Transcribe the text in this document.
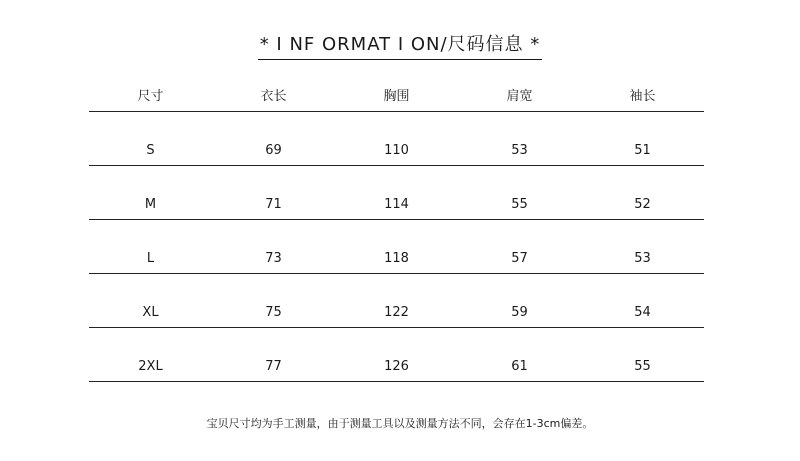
* I NF ORMAT I ON/尺码信息 *
尺寸	衣长	胸围	肩宽	袖长
S	69	110	53	51
M	71	114	55	52
L	73	118	57	53
XL	75	122	59	54
2XL	77	126	61	55
宝贝尺寸均为手工测量，由于测量工具以及测量方法不同，会存在1-3cm偏差。
